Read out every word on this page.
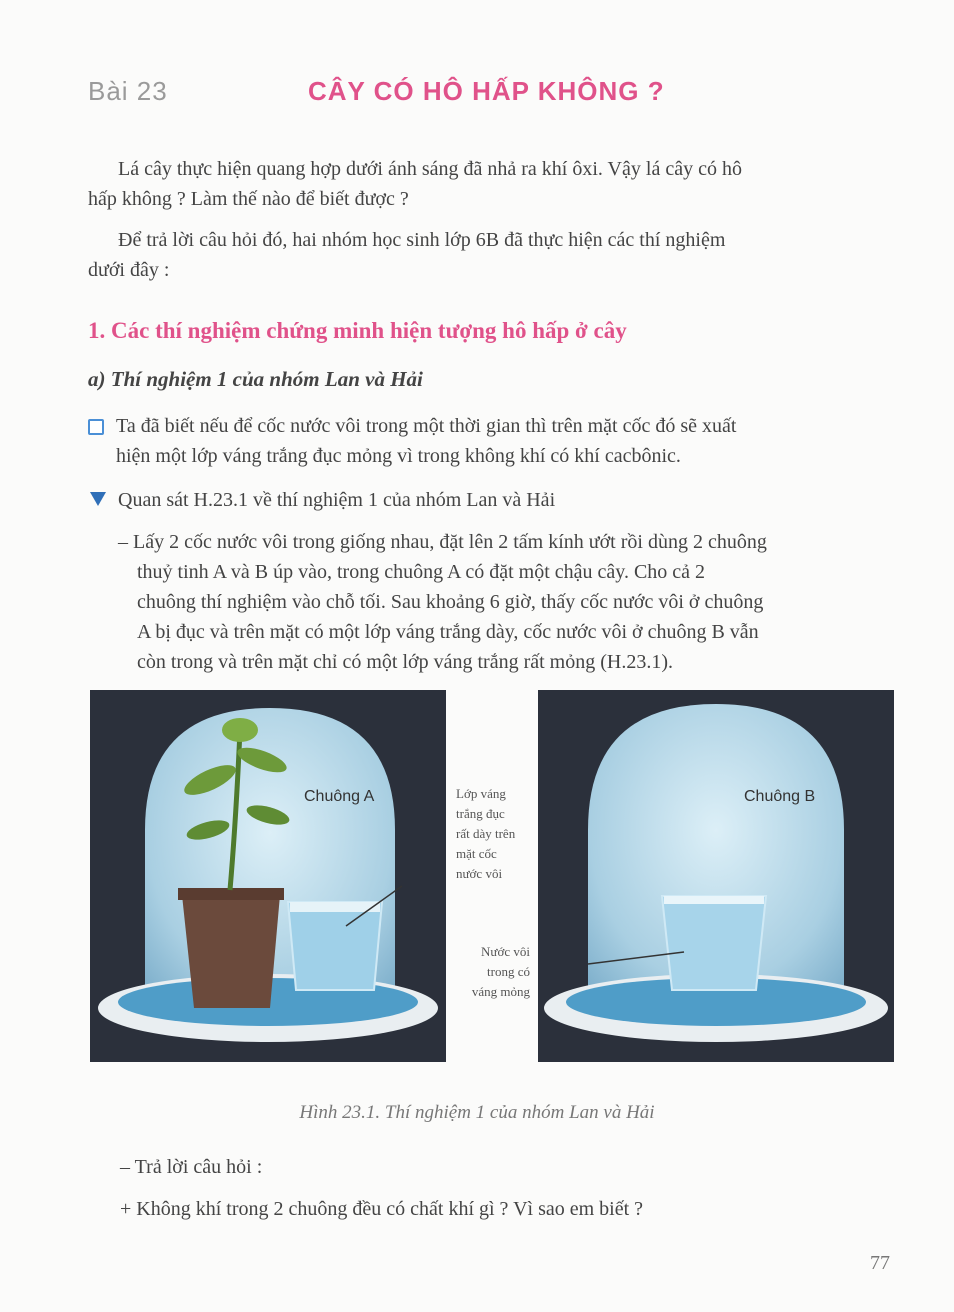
Bài 23	CÂY CÓ HÔ HẤP KHÔNG ?
Lá cây thực hiện quang hợp dưới ánh sáng đã nhả ra khí ôxi. Vậy lá cây có hô
hấp không ? Làm thế nào để biết được ?
Để trả lời câu hỏi đó, hai nhóm học sinh lớp 6B đã thực hiện các thí nghiệm
dưới đây :
1. Các thí nghiệm chứng minh hiện tượng hô hấp ở cây
a) Thí nghiệm 1 của nhóm Lan và Hải
Ta đã biết nếu để cốc nước vôi trong một thời gian thì trên mặt cốc đó sẽ xuất
hiện một lớp váng trắng đục mỏng vì trong không khí có khí cacbônic.
Quan sát H.23.1 về thí nghiệm 1 của nhóm Lan và Hải
– Lấy 2 cốc nước vôi trong giống nhau, đặt lên 2 tấm kính ướt rồi dùng 2 chuông
thuỷ tinh A và B úp vào, trong chuông A có đặt một chậu cây. Cho cả 2
chuông thí nghiệm vào chỗ tối. Sau khoảng 6 giờ, thấy cốc nước vôi ở chuông
A bị đục và trên mặt có một lớp váng trắng dày, cốc nước vôi ở chuông B vẫn
còn trong và trên mặt chỉ có một lớp váng trắng rất mỏng (H.23.1).
Chuông A	Lớp váng
trắng đục
rất dày trên
mặt cốc
nước vôi
Nước vôi
trong có
váng mỏng
Chuông B
Hình 23.1. Thí nghiệm 1 của nhóm Lan và Hải
– Trả lời câu hỏi :
+ Không khí trong 2 chuông đều có chất khí gì ? Vì sao em biết ?
77
